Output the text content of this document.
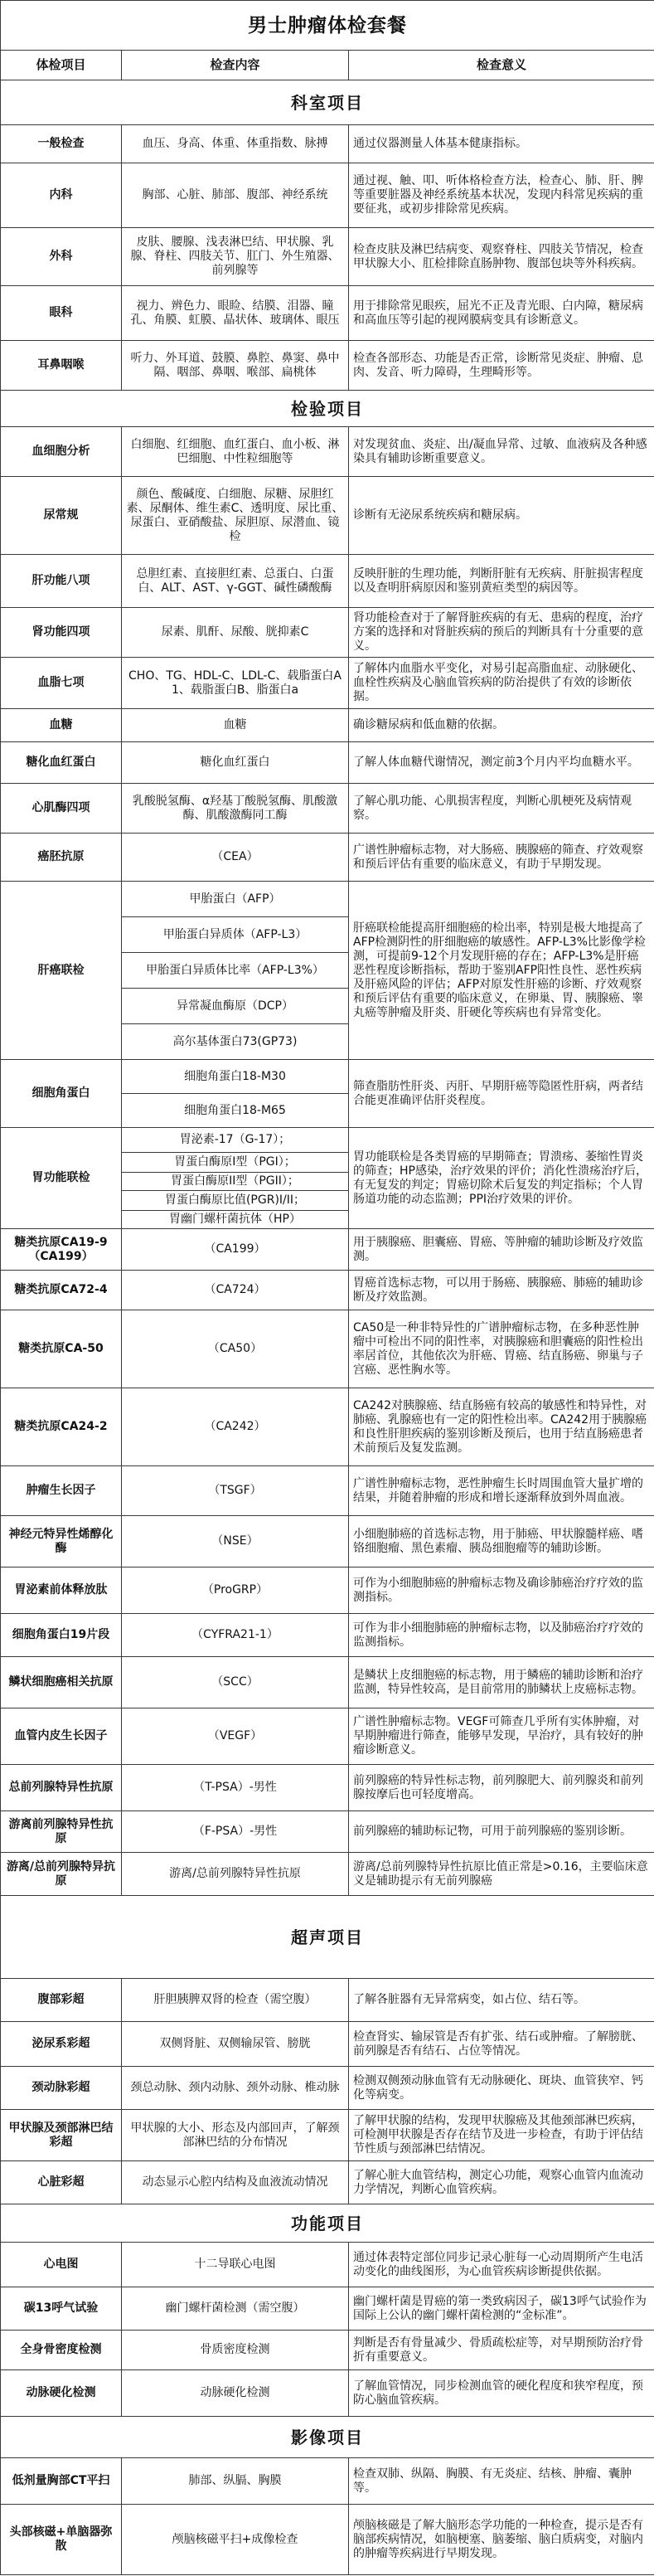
男士肿瘤体检套餐		
体检项目	检查内容	检查意义
科室项目		
一般检查	血压、身高、体重、体重指数、脉搏	通过仪器测量人体基本健康指标。
内科	胸部、心脏、肺部、腹部、神经系统	通过视、触、叩、听体格检查方法，检查心、肺、肝、脾等重要脏器及神经系统基本状况，发现内科常见疾病的重要征兆，或初步排除常见疾病。
外科	皮肤、腰腺、浅表淋巴结、甲状腺、乳腺、脊柱、四肢关节、肛门、外生殖器、前列腺等	检查皮肤及淋巴结病变、观察脊柱、四肢关节情况，检查甲状腺大小、肛检排除直肠肿物、腹部包块等外科疾病。
眼科	视力、辨色力、眼睑、结膜、泪器、瞳孔、角膜、虹膜、晶状体、玻璃体、眼压	用于排除常见眼疾，屈光不正及青光眼、白内障，糖尿病和高血压等引起的视网膜病变具有诊断意义。
耳鼻咽喉	听力、外耳道、鼓膜、鼻腔、鼻窦、鼻中隔、咽部、鼻咽、喉部、扁桃体	检查各部形态、功能是否正常，诊断常见炎症、肿瘤、息肉、发音、听力障碍，生理畸形等。
检验项目		
血细胞分析	白细胞、红细胞、血红蛋白、血小板、淋巴细胞、中性粒细胞等	对发现贫血、炎症、出/凝血异常、过敏、血液病及各种感染具有辅助诊断重要意义。
尿常规	颜色、酸碱度、白细胞、尿糖、尿胆红素、尿酮体、维生素C、透明度、尿比重、尿蛋白、亚硝酸盐、尿胆原、尿潜血、镜检	诊断有无泌尿系统疾病和糖尿病。
肝功能八项	总胆红素、直接胆红素、总蛋白、白蛋白、ALT、AST、γ-GGT、碱性磷酸酶	反映肝脏的生理功能，判断肝脏有无疾病、肝脏损害程度以及查明肝病原因和鉴别黄疸类型的病因等。
肾功能四项	尿素、肌酐、尿酸、胱抑素C	肾功能检查对于了解肾脏疾病的有无、患病的程度，治疗方案的选择和对肾脏疾病的预后的判断具有十分重要的意义。
血脂七项	CHO、TG、HDL-C、LDL-C、载脂蛋白A1、载脂蛋白B、脂蛋白a	了解体内血脂水平变化，对易引起高脂血症、动脉硬化、血栓性疾病及心脑血管疾病的防治提供了有效的诊断依据。
血糖	血糖	确诊糖尿病和低血糖的依据。
糖化血红蛋白	糖化血红蛋白	了解人体血糖代谢情况，测定前3个月内平均血糖水平。
心肌酶四项	乳酸脱氢酶、α羟基丁酸脱氢酶、肌酸激酶、肌酸激酶同工酶	了解心肌功能、心肌损害程度，判断心肌梗死及病情观察。
癌胚抗原	（CEA）	广谱性肿瘤标志物，对大肠癌、胰腺癌的筛查、疗效观察和预后评估有重要的临床意义，有助于早期发现。
肝癌联检	甲胎蛋白（AFP）	肝癌联检能提高肝细胞癌的检出率，特别是极大地提高了AFP检测阴性的肝细胞癌的敏感性。AFP-L3%比影像学检测，可提前9-12个月发现肝癌的存在；AFP-L3%是肝癌恶性程度诊断指标，帮助于鉴别AFP阳性良性、恶性疾病及肝癌风险的评估；AFP对原发性肝癌的诊断、疗效观察和预后评估有重要的临床意义，在卵巢、胃、胰腺癌、睾丸癌等肿瘤及肝炎、肝硬化等疾病也有异常变化。
	甲胎蛋白异质体（AFP-L3）	
	甲胎蛋白异质体比率（AFP-L3%）	
	异常凝血酶原（DCP）	
	高尔基体蛋白73(GP73)	
细胞角蛋白	细胞角蛋白18-M30	筛查脂肪性肝炎、丙肝、早期肝癌等隐匿性肝病，两者结合能更准确评估肝炎程度。
	细胞角蛋白18-M65	
胃功能联检	胃泌素-17（G-17）；	胃功能联检是各类胃癌的早期筛查；胃溃疡、萎缩性胃炎的筛查；HP感染，治疗效果的评价；消化性溃疡治疗后，有无复发的判定；胃癌切除术后复发的判定指标；个人胃肠道功能的动态监测；PPI治疗效果的评价。
	胃蛋白酶原I型（PGI）；	
	胃蛋白酶原II型（PGII）；	
	胃蛋白酶原比值(PGR)I/II；	
	胃幽门螺杆菌抗体（HP）	
糖类抗原CA19-9（CA199）	（CA199）	用于胰腺癌、胆囊癌、胃癌、等肿瘤的辅助诊断及疗效监测。
糖类抗原CA72-4	（CA724）	胃癌首选标志物，可以用于肠癌、胰腺癌、肺癌的辅助诊断及疗效监测。
糖类抗原CA-50	（CA50）	CA50是一种非特异性的广谱肿瘤标志物，在多种恶性肿瘤中可检出不同的阳性率，对胰腺癌和胆囊癌的阳性检出率居首位，其他依次为肝癌、胃癌、结直肠癌、卵巢与子宫癌、恶性胸水等。
糖类抗原CA24-2	（CA242）	CA242对胰腺癌、结直肠癌有较高的敏感性和特异性，对肺癌、乳腺癌也有一定的阳性检出率。CA242用于胰腺癌和良性肝胆疾病的鉴别诊断及预后，也用于结直肠癌患者术前预后及复发监测。
肿瘤生长因子	（TSGF）	广谱性肿瘤标志物，恶性肿瘤生长时周围血管大量扩增的结果，并随着肿瘤的形成和增长逐渐释放到外周血液。
神经元特异性烯醇化酶	（NSE）	小细胞肺癌的首选标志物，用于肺癌、甲状腺髓样癌、嗜铬细胞瘤、黑色素瘤、胰岛细胞瘤等的辅助诊断。
胃泌素前体释放肽	（ProGRP）	可作为小细胞肺癌的肿瘤标志物及确诊肺癌治疗疗效的监测指标。
细胞角蛋白19片段	（CYFRA21-1）	可作为非小细胞肺癌的肿瘤标志物，以及肺癌治疗疗效的监测指标。
鳞状细胞癌相关抗原	（SCC）	是鳞状上皮细胞癌的标志物，用于鳞癌的辅助诊断和治疗监测，特异性较高，是目前常用的肺鳞状上皮癌标志物。
血管内皮生长因子	（VEGF）	广谱性肿瘤标志物。VEGF可筛查几乎所有实体肿瘤，对早期肿瘤进行筛查，能够早发现，早治疗，具有较好的肿瘤诊断意义。
总前列腺特异性抗原	（T-PSA）-男性	前列腺癌的特异性标志物，前列腺肥大、前列腺炎和前列腺按摩后也可轻度增高。
游离前列腺特异性抗原	（F-PSA）-男性	前列腺癌的辅助标记物，可用于前列腺癌的鉴别诊断。
游离/总前列腺特异抗原	游离/总前列腺特异性抗原	游离/总前列腺特异性抗原比值正常是>0.16，主要临床意义是辅助提示有无前列腺癌
超声项目		
腹部彩超	肝胆胰脾双肾的检查（需空腹）	了解各脏器有无异常病变，如占位、结石等。
泌尿系彩超	双侧肾脏、双侧输尿管、膀胱	检查肾实、输尿管是否有扩张、结石或肿瘤。了解膀胱、前列腺是否有结石、占位等情况。
颈动脉彩超	颈总动脉、颈内动脉、颈外动脉、椎动脉	检测双侧颈动脉血管有无动脉硬化、斑块、血管狭窄、钙化等病变。
甲状腺及颈部淋巴结彩超	甲状腺的大小、形态及内部回声，了解颈部淋巴结的分布情况	了解甲状腺的结构，发现甲状腺癌及其他颈部淋巴疾病，可检测甲状腺是否存在结节及进一步检查，有助于评估结节性质与颈部淋巴结情况。
心脏彩超	动态显示心腔内结构及血液流动情况	了解心脏大血管结构，测定心功能，观察心血管内血流动力学情况，判断心血管疾病。
功能项目		
心电图	十二导联心电图	通过体表特定部位同步记录心脏每一心动周期所产生电活动变化的曲线图形，为心血管疾病诊断提供依据。
碳13呼气试验	幽门螺杆菌检测（需空腹）	幽门螺杆菌是胃癌的第一类致病因子，碳13呼气试验作为国际上公认的幽门螺杆菌检测的“金标准”。
全身骨密度检测	骨质密度检测	判断是否有骨量减少、骨质疏松症等，对早期预防治疗骨折有重要意义。
动脉硬化检测	动脉硬化检测	了解血管情况，同步检测血管的硬化程度和狭窄程度，预防心脑血管疾病。
影像项目		
低剂量胸部CT平扫	肺部、纵膈、胸膜	检查双肺、纵隔、胸膜、有无炎症、结核、肿瘤、囊肿等。
头部核磁+单脑器弥散	颅脑核磁平扫+成像检查	颅脑核磁是了解大脑形态学功能的一种检查，提示是否有脑部疾病情况，如脑梗塞、脑萎缩、脑白质病变，对脑内的肿瘤等疾病进行早期发现。
